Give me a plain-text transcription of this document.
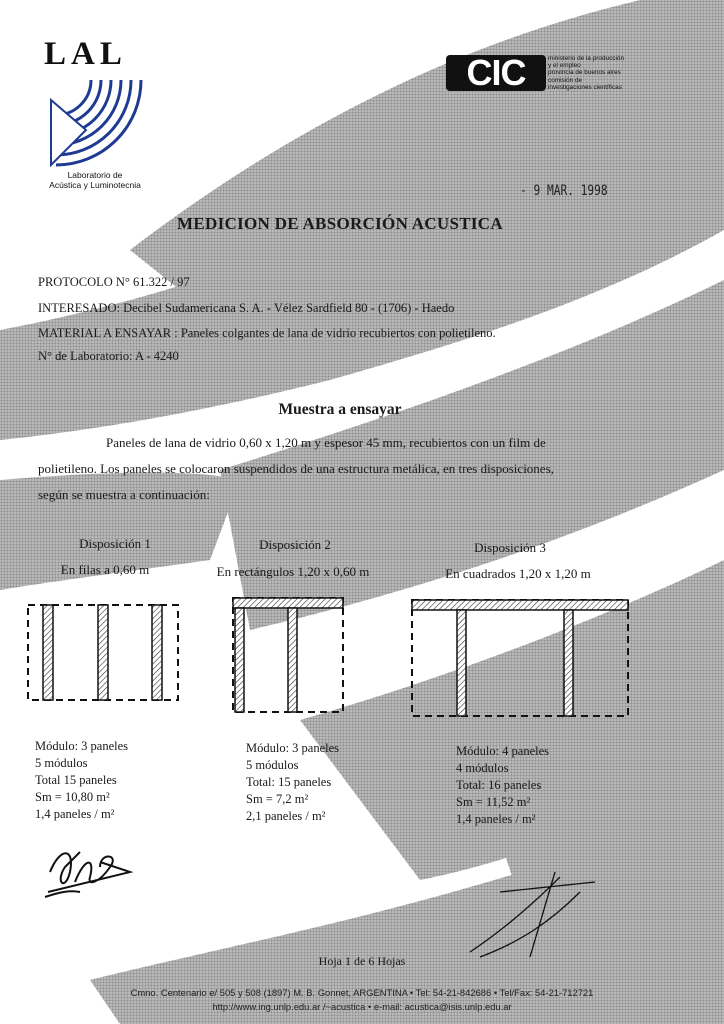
LAL
Laboratorio de
Acústica y Luminotecnia
CIC	ministerio de la producción
y el empleo
provincia de buenos aires
comisión de
investigaciones científicas
- 9 MAR. 1998
MEDICION DE ABSORCIÓN ACUSTICA
PROTOCOLO N° 61.322 / 97
INTERESADO: Decibel Sudamericana S. A. - Vélez Sardfield 80 - (1706) - Haedo
MATERIAL A ENSAYAR : Paneles colgantes de lana de vidrio recubiertos con polietileno.
N° de Laboratorio: A - 4240
Muestra a ensayar
Paneles de lana de vidrio 0,60 x 1,20 m y espesor 45 mm, recubiertos con un film de
polietileno. Los paneles se colocaron suspendidos de una estructura metálica, en tres disposiciones,
según se muestra a continuación:
Disposición 1
En filas a 0,60 m
Disposición 2
En rectángulos 1,20 x 0,60 m
Disposición 3
En cuadrados 1,20 x 1,20 m
Módulo: 3 paneles
5 módulos
Total 15 paneles
Sm = 10,80 m²
1,4 paneles / m²
Módulo: 3 paneles
5 módulos
Total: 15 paneles
Sm = 7,2 m²
2,1 paneles / m²
Módulo: 4 paneles
4 módulos
Total: 16 paneles
Sm = 11,52 m²
1,4 paneles / m²
Hoja 1 de 6 Hojas
Cmno. Centenario e/ 505 y 508 (1897) M. B. Gonnet, ARGENTINA • Tel: 54-21-842686 • Tel/Fax: 54-21-712721
http://www.ing.unlp.edu.ar /~acustica • e-mail: acustica@isis.unlp.edu.ar
